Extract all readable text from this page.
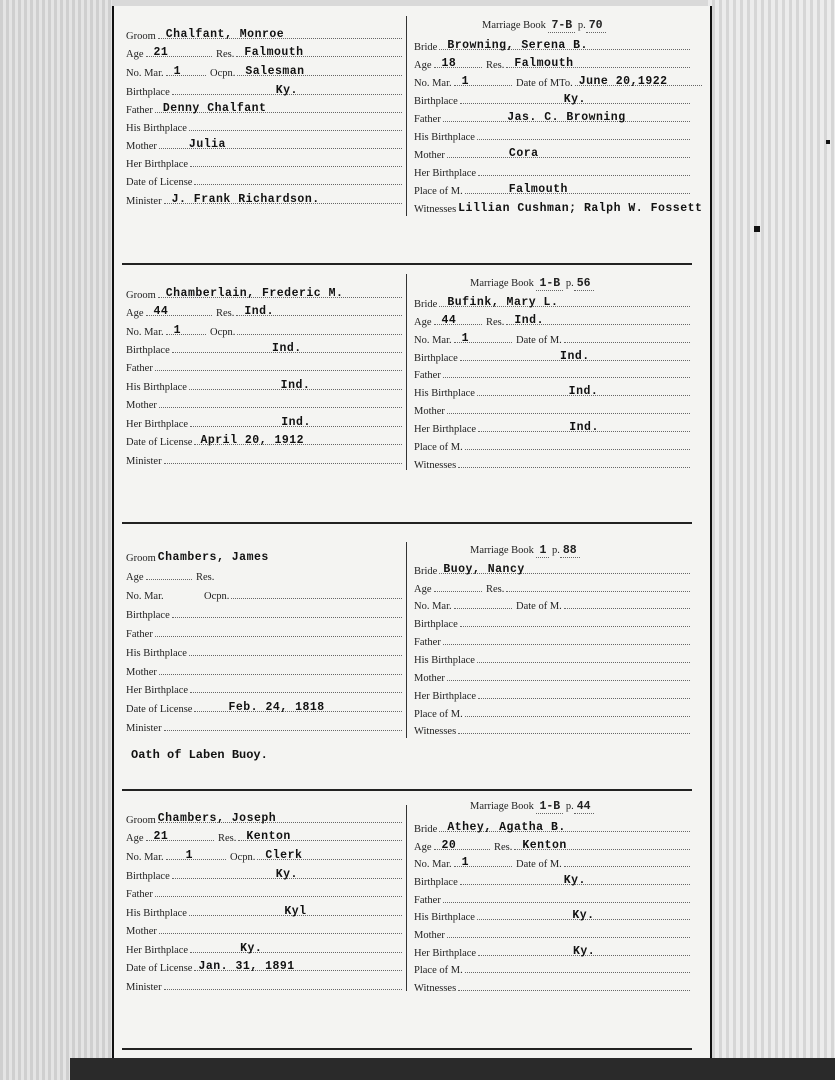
Groom Chalfant, Monroe
Age 21	Res. Falmouth
No. Mar. 1	Ocpn. Salesman
Birthplace	Ky.
Father Denny Chalfant
His Birthplace
Mother	Julia
Her Birthplace
Date of License
Minister J. Frank Richardson.
Marriage Book 7-B p. 70
Bride Browning, Serena B.
Age 18	Res. Falmouth
No. Mar. 1	Date of MTo. June 20,1922
Birthplace	Ky.
Father	Jas. C. Browning
His Birthplace
Mother	Cora
Her Birthplace
Place of M.	Falmouth
Witnesses Lillian Cushman; Ralph W. Fossett
Groom Chamberlain, Frederic M.
Age 44	Res. Ind.
No. Mar. 1	Ocpn.
Birthplace	Ind.
Father
His Birthplace	Ind.
Mother
Her Birthplace	Ind.
Date of License April 20, 1912
Minister
Marriage Book 1-B p. 56
Bride Bufink, Mary L.
Age 44	Res. Ind.
No. Mar. 1	Date of M.
Birthplace	Ind.
Father
His Birthplace	Ind.
Mother
Her Birthplace	Ind.
Place of M.
Witnesses
Groom Chambers, James
Age	Res.
No. Mar.	Ocpn.
Birthplace
Father
His Birthplace
Mother
Her Birthplace
Date of License	Feb. 24, 1818
Minister
Oath of Laben Buoy.
Marriage Book 1 p. 88
Bride Buoy, Nancy
Age	Res.
No. Mar.	Date of M.
Birthplace
Father
His Birthplace
Mother
Her Birthplace
Place of M.
Witnesses
Groom Chambers, Joseph
Age 21	Res. Kenton
No. Mar. 1	Ocpn. Clerk
Birthplace	Ky.
Father
His Birthplace	Kyl
Mother
Her Birthplace	Ky.
Date of License Jan. 31, 1891
Minister
Marriage Book 1-B p. 44
Bride Athey, Agatha B.
Age 20	Res. Kenton
No. Mar. 1	Date of M.
Birthplace	Ky.
Father
His Birthplace	Ky.
Mother
Her Birthplace	Ky.
Place of M.
Witnesses
